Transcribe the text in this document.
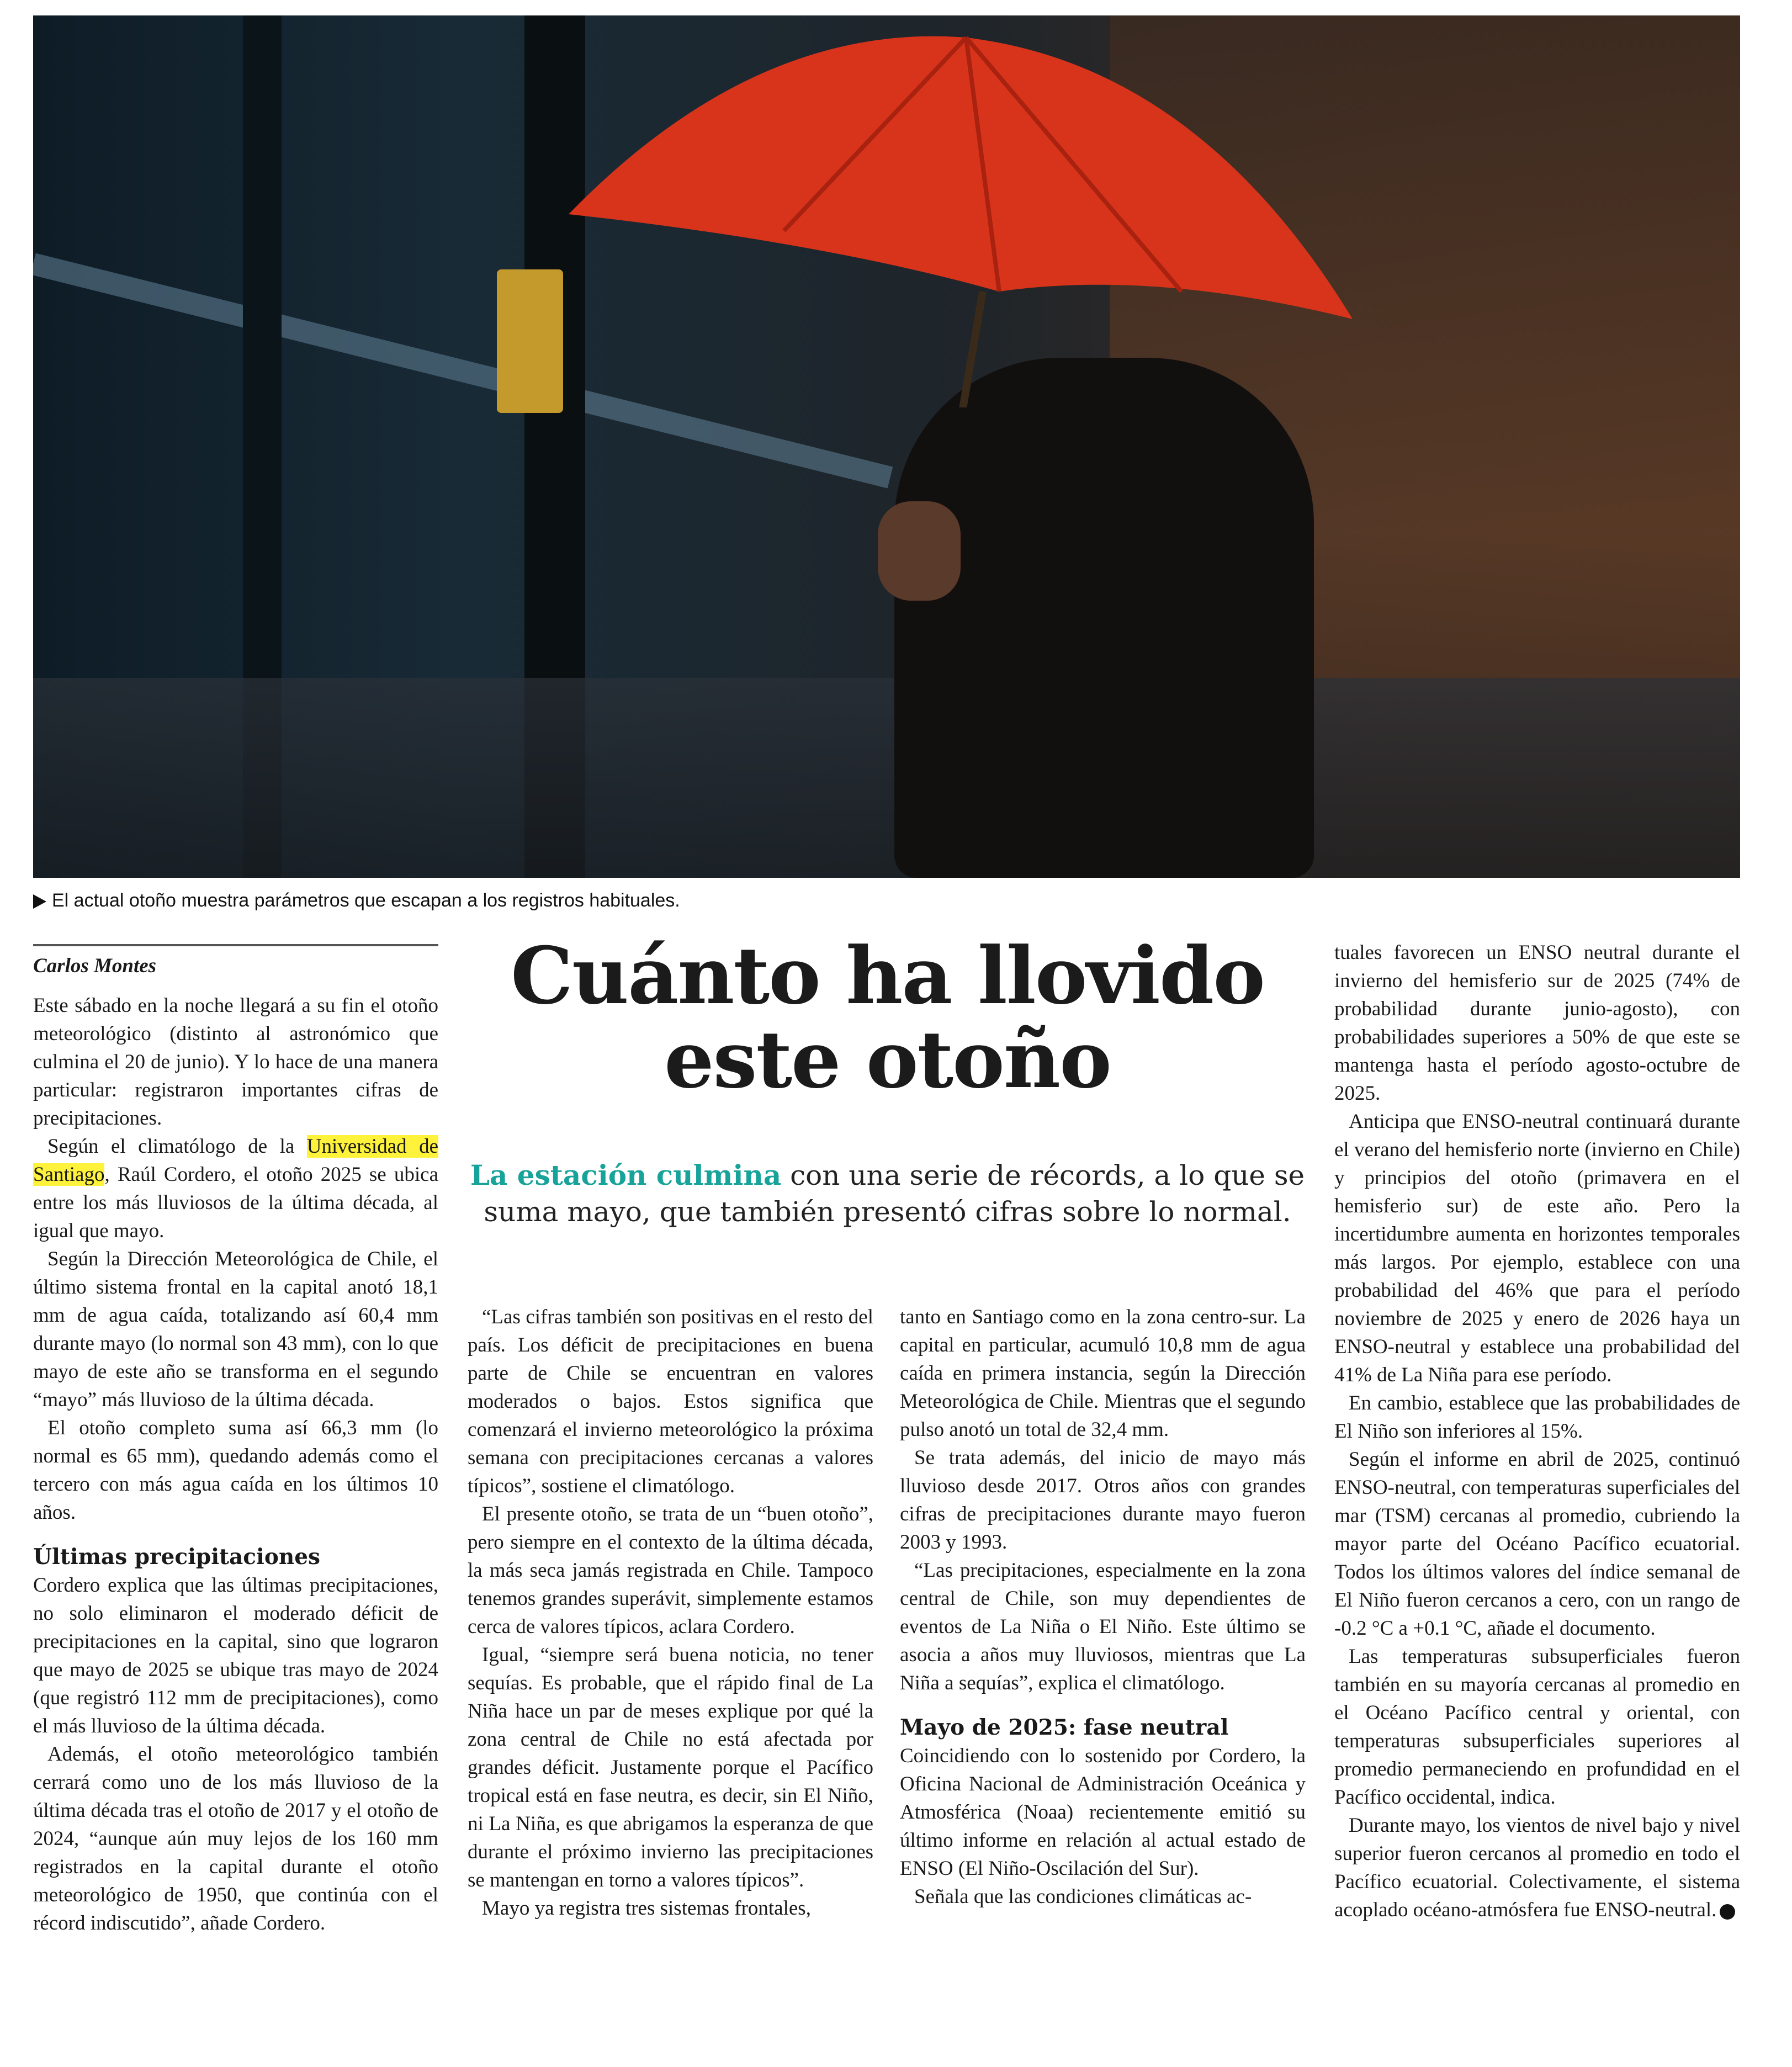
El actual otoño muestra parámetros que escapan a los registros habituales.
Carlos Montes

Este sábado en la noche llegará a su fin el otoño meteorológico (distinto al astronómico que culmina el 20 de junio). Y lo hace de una manera particular: registraron importantes cifras de precipitaciones.

Según el climatólogo de la Universidad de Santiago, Raúl Cordero, el otoño 2025 se ubica entre los más lluviosos de la última década, al igual que mayo.

Según la Dirección Meteorológica de Chile, el último sistema frontal en la capital anotó 18,1 mm de agua caída, totalizando así 60,4 mm durante mayo (lo normal son 43 mm), con lo que mayo de este año se transforma en el segundo “mayo” más lluvioso de la última década.

El otoño completo suma así 66,3 mm (lo normal es 65 mm), quedando además como el tercero con más agua caída en los últimos 10 años.

Últimas precipitaciones

Cordero explica que las últimas precipitaciones, no solo eliminaron el moderado déficit de precipitaciones en la capital, sino que lograron que mayo de 2025 se ubique tras mayo de 2024 (que registró 112 mm de precipitaciones), como el más lluvioso de la última década.

Además, el otoño meteorológico también cerrará como uno de los más lluvioso de la última década tras el otoño de 2017 y el otoño de 2024, “aunque aún muy lejos de los 160 mm registrados en la capital durante el otoño meteorológico de 1950, que continúa con el récord indiscutido”, añade Cordero.

Cuánto ha llovido este otoño
La estación culmina con una serie de récords, a lo que se suma mayo, que también presentó cifras sobre lo normal.

“Las cifras también son positivas en el resto del país. Los déficit de precipitaciones en buena parte de Chile se encuentran en valores moderados o bajos. Estos significa que comenzará el invierno meteorológico la próxima semana con precipitaciones cercanas a valores típicos”, sostiene el climatólogo.

El presente otoño, se trata de un “buen otoño”, pero siempre en el contexto de la última década, la más seca jamás registrada en Chile. Tampoco tenemos grandes superávit, simplemente estamos cerca de valores típicos, aclara Cordero.

Igual, “siempre será buena noticia, no tener sequías. Es probable, que el rápido final de La Niña hace un par de meses explique por qué la zona central de Chile no está afectada por grandes déficit. Justamente porque el Pacífico tropical está en fase neutra, es decir, sin El Niño, ni La Niña, es que abrigamos la esperanza de que durante el próximo invierno las precipitaciones se mantengan en torno a valores típicos”.

Mayo ya registra tres sistemas frontales,

tanto en Santiago como en la zona centro-sur. La capital en particular, acumuló 10,8 mm de agua caída en primera instancia, según la Dirección Meteorológica de Chile. Mientras que el segundo pulso anotó un total de 32,4 mm.

Se trata además, del inicio de mayo más lluvioso desde 2017. Otros años con grandes cifras de precipitaciones durante mayo fueron 2003 y 1993.

“Las precipitaciones, especialmente en la zona central de Chile, son muy dependientes de eventos de La Niña o El Niño. Este último se asocia a años muy lluviosos, mientras que La Niña a sequías”, explica el climatólogo.

Mayo de 2025: fase neutral

Coincidiendo con lo sostenido por Cordero, la Oficina Nacional de Administración Oceánica y Atmosférica (Noaa) recientemente emitió su último informe en relación al actual estado de ENSO (El Niño-Oscilación del Sur).

Señala que las condiciones climáticas ac-

tuales favorecen un ENSO neutral durante el invierno del hemisferio sur de 2025 (74% de probabilidad durante junio-agosto), con probabilidades superiores a 50% de que este se mantenga hasta el período agosto-octubre de 2025.

Anticipa que ENSO-neutral continuará durante el verano del hemisferio norte (invierno en Chile) y principios del otoño (primavera en el hemisferio sur) de este año. Pero la incertidumbre aumenta en horizontes temporales más largos. Por ejemplo, establece con una probabilidad del 46% que para el período noviembre de 2025 y enero de 2026 haya un ENSO-neutral y establece una probabilidad del 41% de La Niña para ese período.

En cambio, establece que las probabilidades de El Niño son inferiores al 15%.

Según el informe en abril de 2025, continuó ENSO-neutral, con temperaturas superficiales del mar (TSM) cercanas al promedio, cubriendo la mayor parte del Océano Pacífico ecuatorial. Todos los últimos valores del índice semanal de El Niño fueron cercanos a cero, con un rango de -0.2 °C a +0.1 °C, añade el documento.

Las temperaturas subsuperficiales fueron también en su mayoría cercanas al promedio en el Océano Pacífico central y oriental, con temperaturas subsuperficiales superiores al promedio permaneciendo en profundidad en el Pacífico occidental, indica.

Durante mayo, los vientos de nivel bajo y nivel superior fueron cercanos al promedio en todo el Pacífico ecuatorial. Colectivamente, el sistema acoplado océano-atmósfera fue ENSO-neutral.
